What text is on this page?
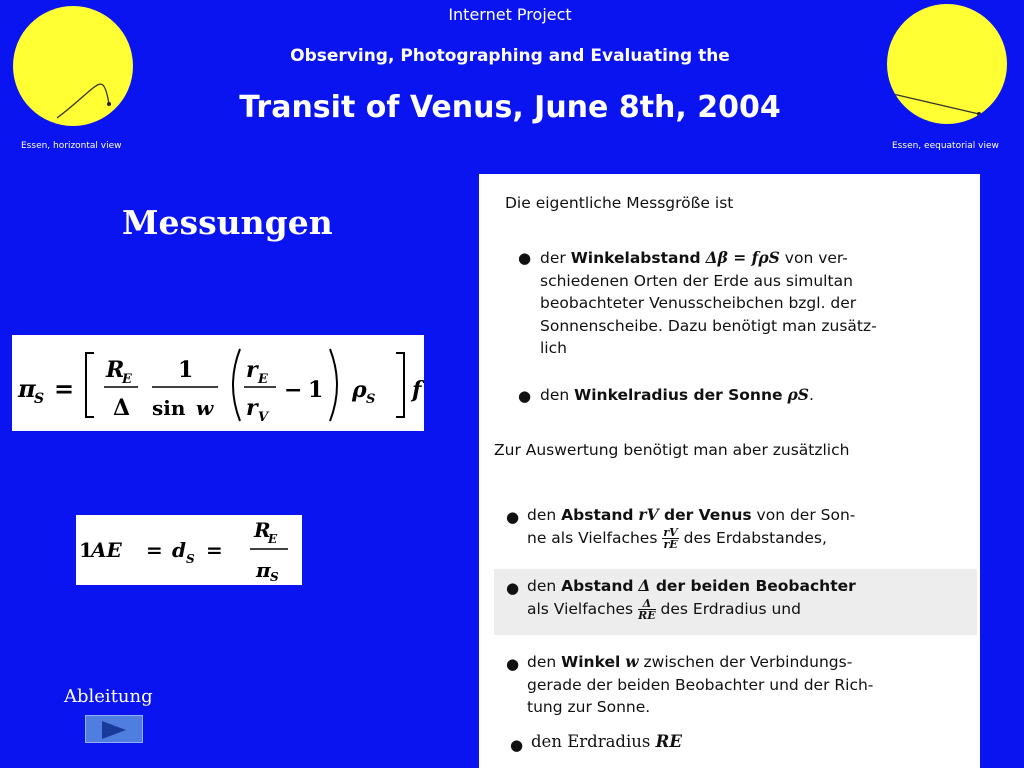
Essen, horizontal view	Essen, eequatorial view
Internet Project
Observing, Photographing and Evaluating the
Transit of Venus, June 8th, 2004
Messungen
π
S =
R
E
Δ
1
sin w
r E
r V
− 1 ρ S f
1
AE = d S =
R
E
π S
Ableitung
Die eigentliche Messgröße ist
● der Winkelabstand Δβ = fρS von ver-
schiedenen Orten der Erde aus simultan
beobachteter Venusscheibchen bzgl. der
Sonnenscheibe. Dazu benötigt man zusätz-
lich
● den Winkelradius der Sonne ρS.
Zur Auswertung benötigt man aber zusätzlich
● den Abstand rV der Venus von der Son-
ne als Vielfaches $\frac{rV}{rE}$ des Erdabstandes,
● den Abstand Δ der beiden Beobachter
als Vielfaches $\frac{\Delta}{RE}$ des Erdradius und
● den Winkel w zwischen der Verbindungs-
gerade der beiden Beobachter und der Rich-
tung zur Sonne.
● den Erdradius RE
